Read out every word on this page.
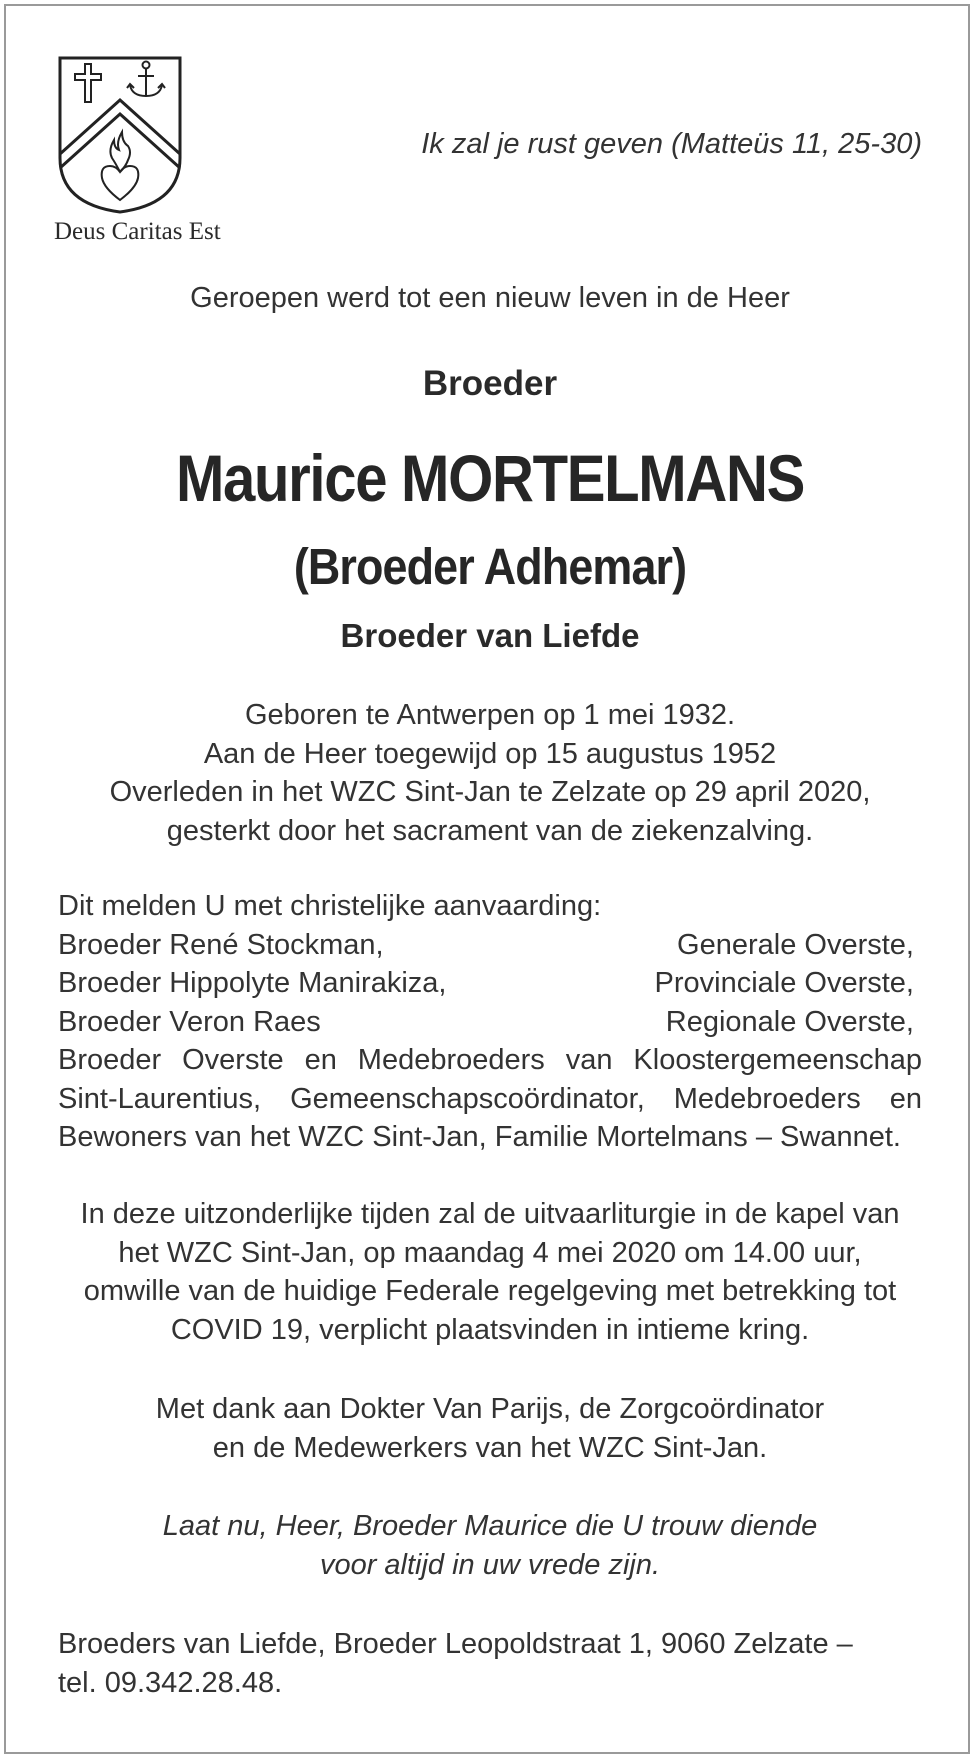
Deus Caritas Est
Ik zal je rust geven (Matteüs 11, 25-30)
Geroepen werd tot een nieuw leven in de Heer
Broeder
Maurice MORTELMANS
(Broeder Adhemar)
Broeder van Liefde
Geboren te Antwerpen op 1 mei 1932.
Aan de Heer toegewijd op 15 augustus 1952
Overleden in het WZC Sint-Jan te Zelzate op 29 april 2020,
gesterkt door het sacrament van de ziekenzalving.
Dit melden U met christelijke aanvaarding:
Broeder René Stockman,	Generale Overste,
Broeder Hippolyte Manirakiza,	Provinciale Overste,
Broeder Veron Raes	Regionale Overste,
Broeder Overste en Medebroeders van Kloostergemeenschap
Sint-Laurentius, Gemeenschapscoördinator, Medebroeders en
Bewoners van het WZC Sint-Jan, Familie Mortelmans – Swannet.
In deze uitzonderlijke tijden zal de uitvaarliturgie in de kapel van
het WZC Sint-Jan, op maandag 4 mei 2020 om 14.00 uur,
omwille van de huidige Federale regelgeving met betrekking tot
COVID 19, verplicht plaatsvinden in intieme kring.
Met dank aan Dokter Van Parijs, de Zorgcoördinator
en de Medewerkers van het WZC Sint-Jan.
Laat nu, Heer, Broeder Maurice die U trouw diende
voor altijd in uw vrede zijn.
Broeders van Liefde, Broeder Leopoldstraat 1, 9060 Zelzate –
tel. 09.342.28.48.
